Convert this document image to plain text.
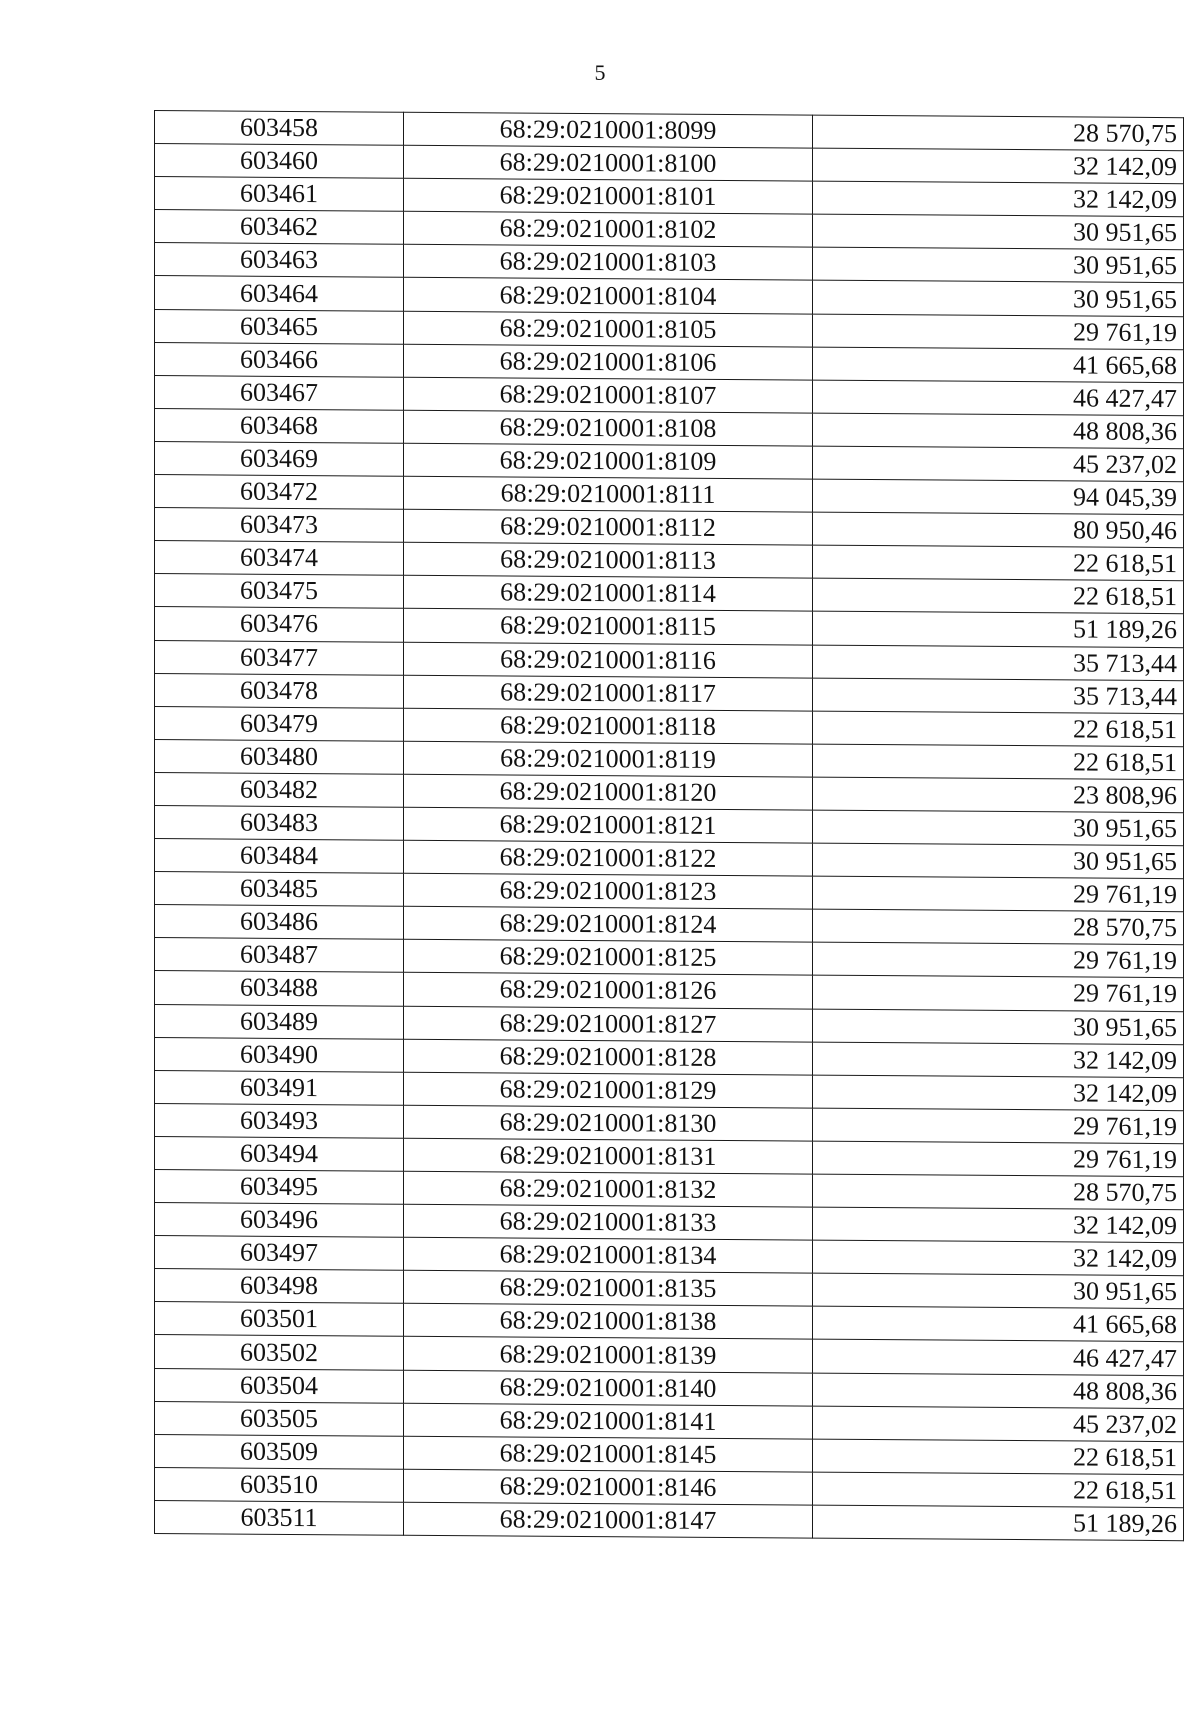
5
603458	68:29:0210001:8099	28 570,75
603460	68:29:0210001:8100	32 142,09
603461	68:29:0210001:8101	32 142,09
603462	68:29:0210001:8102	30 951,65
603463	68:29:0210001:8103	30 951,65
603464	68:29:0210001:8104	30 951,65
603465	68:29:0210001:8105	29 761,19
603466	68:29:0210001:8106	41 665,68
603467	68:29:0210001:8107	46 427,47
603468	68:29:0210001:8108	48 808,36
603469	68:29:0210001:8109	45 237,02
603472	68:29:0210001:8111	94 045,39
603473	68:29:0210001:8112	80 950,46
603474	68:29:0210001:8113	22 618,51
603475	68:29:0210001:8114	22 618,51
603476	68:29:0210001:8115	51 189,26
603477	68:29:0210001:8116	35 713,44
603478	68:29:0210001:8117	35 713,44
603479	68:29:0210001:8118	22 618,51
603480	68:29:0210001:8119	22 618,51
603482	68:29:0210001:8120	23 808,96
603483	68:29:0210001:8121	30 951,65
603484	68:29:0210001:8122	30 951,65
603485	68:29:0210001:8123	29 761,19
603486	68:29:0210001:8124	28 570,75
603487	68:29:0210001:8125	29 761,19
603488	68:29:0210001:8126	29 761,19
603489	68:29:0210001:8127	30 951,65
603490	68:29:0210001:8128	32 142,09
603491	68:29:0210001:8129	32 142,09
603493	68:29:0210001:8130	29 761,19
603494	68:29:0210001:8131	29 761,19
603495	68:29:0210001:8132	28 570,75
603496	68:29:0210001:8133	32 142,09
603497	68:29:0210001:8134	32 142,09
603498	68:29:0210001:8135	30 951,65
603501	68:29:0210001:8138	41 665,68
603502	68:29:0210001:8139	46 427,47
603504	68:29:0210001:8140	48 808,36
603505	68:29:0210001:8141	45 237,02
603509	68:29:0210001:8145	22 618,51
603510	68:29:0210001:8146	22 618,51
603511	68:29:0210001:8147	51 189,26
